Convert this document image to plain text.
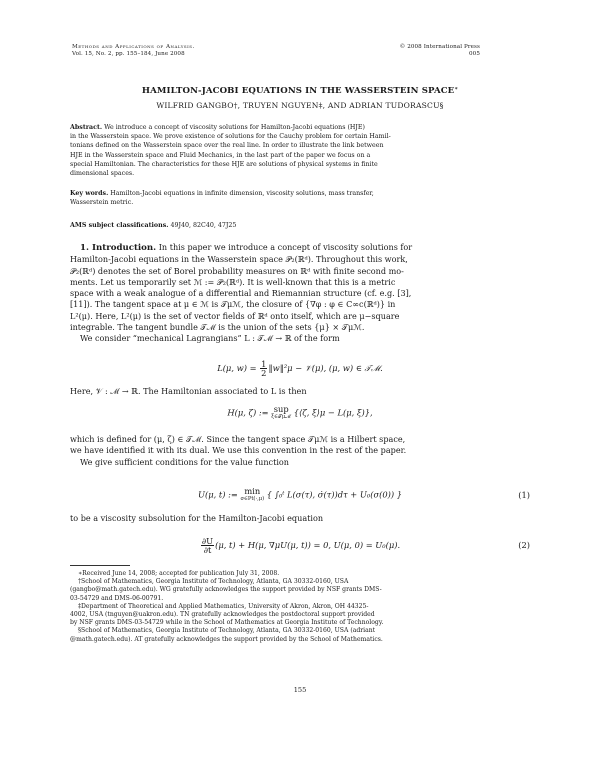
Methods and Applications of Analysis.
Vol. 15, No. 2, pp. 155–184, June 2008
© 2008 International Press
005
HAMILTON-JACOBI EQUATIONS IN THE WASSERSTEIN SPACE∗
WILFRID GANGBO†, TRUYEN NGUYEN‡, AND ADRIAN TUDORASCU§
Abstract. We introduce a concept of viscosity solutions for Hamilton-Jacobi equations (HJE)
in the Wasserstein space. We prove existence of solutions for the Cauchy problem for certain Hamil-
tonians defined on the Wasserstein space over the real line. In order to illustrate the link between
HJE in the Wasserstein space and Fluid Mechanics, in the last part of the paper we focus on a
special Hamiltonian. The characteristics for these HJE are solutions of physical systems in finite
dimensional spaces.
Key words. Hamilton-Jacobi equations in infinite dimension, viscosity solutions, mass transfer,
Wasserstein metric.
AMS subject classifications. 49J40, 82C40, 47J25
1. Introduction. In this paper we introduce a concept of viscosity solutions for
Hamilton-Jacobi equations in the Wasserstein space 𝒫₂(ℝᵈ). Throughout this work,
𝒫₂(ℝᵈ) denotes the set of Borel probability measures on ℝᵈ with finite second mo-
ments. Let us temporarily set ℳ := 𝒫₂(ℝᵈ). It is well-known that this is a metric
space with a weak analogue of a differential and Riemannian structure (cf. e.g. [3],
[11]). The tangent space at μ ∈ ℳ is 𝒯μℳ, the closure of {∇φ : φ ∈ C∞c(ℝᵈ)} in
L²(μ). Here, L²(μ) is the set of vector fields of ℝᵈ onto itself, which are μ−square
integrable. The tangent bundle 𝒯ℳ is the union of the sets {μ} × 𝒯μℳ.
We consider “mechanical Lagrangians” L : 𝒯ℳ → ℝ of the form
L(μ, $w) = \frac{1}{2}$ ‖w‖²μ − 𝒱(μ), (μ, w) ∈ 𝒯ℳ.
Here, 𝒱 : ℳ → ℝ. The Hamiltonian associated to L is then
H(μ, ζ) := sup
ξ∈𝒯μℳ {⟨ζ, ξ⟩μ − L(μ, ξ)},
which is defined for (μ, ζ) ∈ 𝒯ℳ. Since the tangent space 𝒯μℳ is a Hilbert space,
we have identified it with its dual. We use this convention in the rest of the paper.
We give sufficient conditions for the value function
U(μ, t) := min
σ∈Pt(·,μ) { ∫₀ᵗ L(σ(τ), σ̇(τ))dτ + U₀(σ(0)) }	(1)
to be a viscosity subsolution for the Hamilton-Jacobi equation
$\frac{\partial U}{\partial t} (\mu$, t) + H(μ, ∇μU(μ, t)) = 0, U(μ, 0) = U₀(μ).	(2)
∗Received June 14, 2008; accepted for publication July 31, 2008.
†School of Mathematics, Georgia Institute of Technology, Atlanta, GA 30332-0160, USA
(gangbo@math.gatech.edu). WG gratefully acknowledges the support provided by NSF grants DMS-
03-54729 and DMS-06-00791.
‡Department of Theoretical and Applied Mathematics, University of Akron, Akron, OH 44325-
4002, USA (tnguyen@uakron.edu). TN gratefully acknowledges the postdoctoral support provided
by NSF grants DMS-03-54729 while in the School of Mathematics at Georgia Institute of Technology.
§School of Mathematics, Georgia Institute of Technology, Atlanta, GA 30332-0160, USA (adriant
@math.gatech.edu). AT gratefully acknowledges the support provided by the School of Mathematics.
155
